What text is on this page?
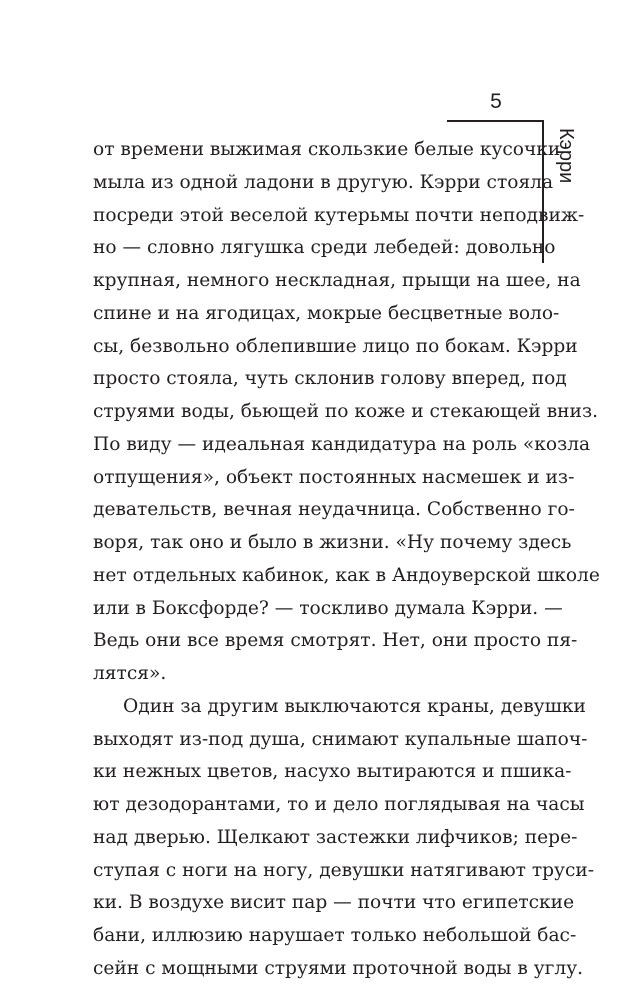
5
Кэрри
от времени выжимая скользкие белые кусочки
мыла из одной ладони в другую. Кэрри стояла
посреди этой веселой кутерьмы почти неподвиж-
но — словно лягушка среди лебедей: довольно
крупная, немного нескладная, прыщи на шее, на
спине и на ягодицах, мокрые бесцветные воло-
сы, безвольно облепившие лицо по бокам. Кэрри
просто стояла, чуть склонив голову вперед, под
струями воды, бьющей по коже и стекающей вниз.
По виду — идеальная кандидатура на роль «козла
отпущения», объект постоянных насмешек и из-
девательств, вечная неудачница. Собственно го-
воря, так оно и было в жизни. «Ну почему здесь
нет отдельных кабинок, как в Андоуверской школе
или в Боксфорде? — тоскливо думала Кэрри. —
Ведь они все время смотрят. Нет, они просто пя-
лятся».
Один за другим выключаются краны, девушки
выходят из-под душа, снимают купальные шапоч-
ки нежных цветов, насухо вытираются и пшика-
ют дезодорантами, то и дело поглядывая на часы
над дверью. Щелкают застежки лифчиков; пере-
ступая с ноги на ногу, девушки натягивают труси-
ки. В воздухе висит пар — почти что египетские
бани, иллюзию нарушает только небольшой бас-
сейн с мощными струями проточной воды в углу.
